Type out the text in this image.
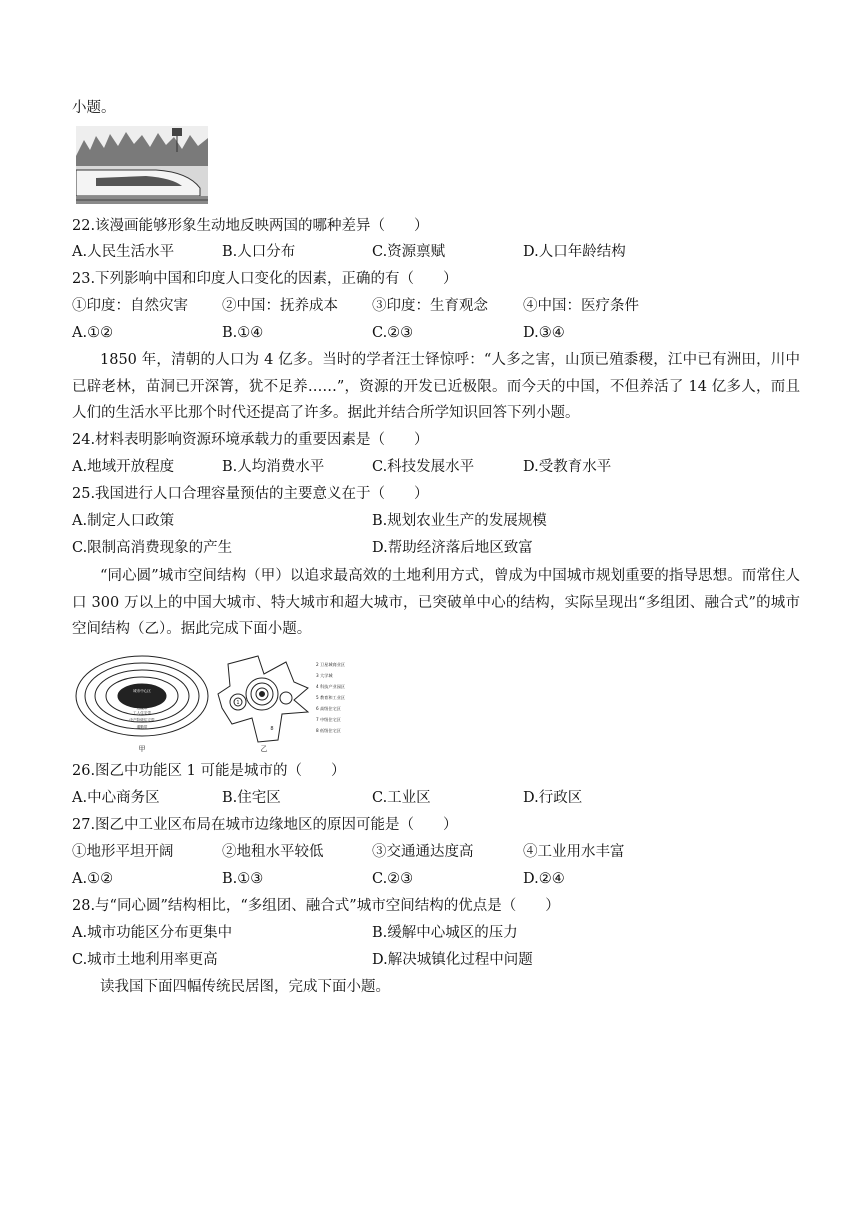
小题。
22.该漫画能够形象生动地反映两国的哪种差异（　　）
A.人民生活水平	B.人口分布	C.资源禀赋	D.人口年龄结构
23.下列影响中国和印度人口变化的因素，正确的有（　　）
①印度：自然灾害 ②中国：抚养成本 ③印度：生育观念 ④中国：医疗条件
A.①②	B.①④	C.②③	D.③④
1850 年，清朝的人口为 4 亿多。当时的学者汪士铎惊呼：“人多之害，山顶已殖黍稷，江中已有洲田，川中已辟老林，苗洞已开深箐，犹不足养……”，资源的开发已近极限。而今天的中国，不但养活了 14 亿多人，而且人们的生活水平比那个时代还提高了许多。据此并结合所学知识回答下列小题。
24.材料表明影响资源环境承载力的重要因素是（　　）
A.地域开放程度	B.人均消费水平	C.科技发展水平	D.受教育水平
25.我国进行人口合理容量预估的主要意义在于（　　）
A.制定人口政策	B.规划农业生产的发展规模
C.限制高消费现象的产生	D.帮助经济落后地区致富
“同心圆”城市空间结构（甲）以追求最高效的土地利用方式，曾成为中国城市规划重要的指导思想。而常住人口 300 万以上的中国大城市、特大城市和超大城市，已突破单中心的结构，实际呈现出“多组团、融合式”的城市空间结构（乙）。据此完成下面小题。
城市中心区
过渡带
工人住宅带
中产阶级住宅带
通勤带
甲
1
8
乙
2 卫星城商业区
3 大学城
4 科技产业园区
5 教育和工业区
6 高级住宅区
7 中级住宅区
8 低级住宅区
26.图乙中功能区 1 可能是城市的（　　）
A.中心商务区	B.住宅区	C.工业区	D.行政区
27.图乙中工业区布局在城市边缘地区的原因可能是（　　）
①地形平坦开阔	②地租水平较低	③交通通达度高	④工业用水丰富
A.①②	B.①③	C.②③	D.②④
28.与“同心圆”结构相比，“多组团、融合式”城市空间结构的优点是（　　）
A.城市功能区分布更集中	B.缓解中心城区的压力
C.城市土地利用率更高	D.解决城镇化过程中问题
读我国下面四幅传统民居图，完成下面小题。
